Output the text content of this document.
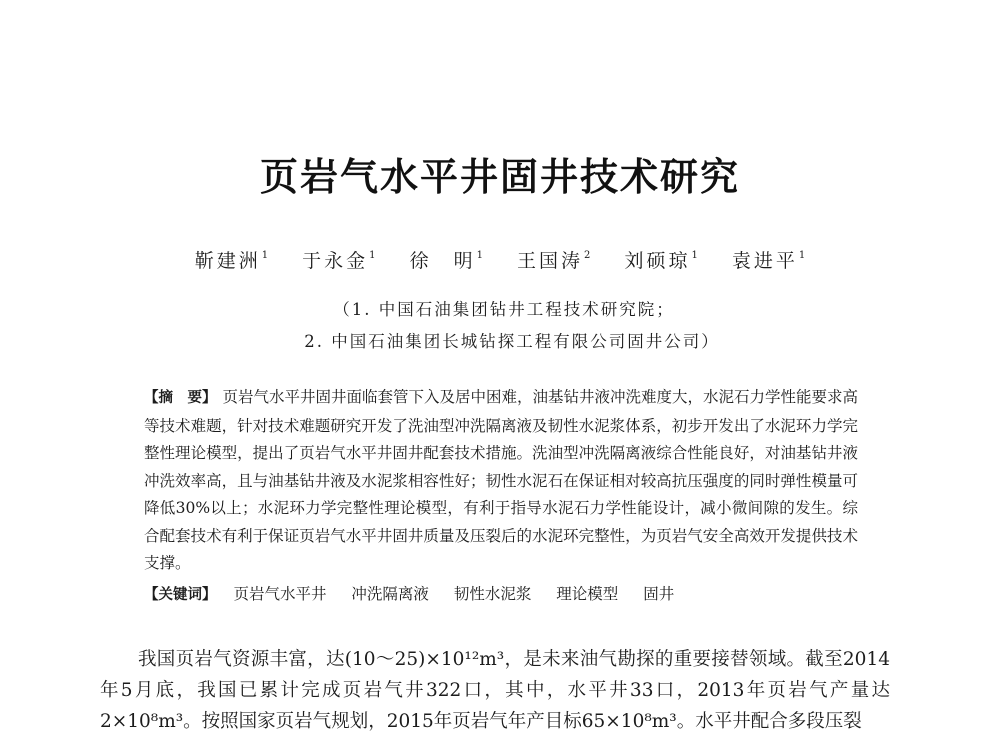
页岩气水平井固井技术研究
靳建洲$^1$ 于永金$^1$ 徐　明$^1$ 王国涛$^2$ 刘硕琼$^1$ 袁进平$^1$
（1. 中国石油集团钻井工程技术研究院；
2. 中国石油集团长城钻探工程有限公司固井公司）
【摘　要】 页岩气水平井固井面临套管下入及居中困难，油基钻井液冲洗难度大，水泥石力学性能要求高等技术难题，针对技术难题研究开发了洗油型冲洗隔离液及韧性水泥浆体系，初步开发出了水泥环力学完整性理论模型，提出了页岩气水平井固井配套技术措施。洗油型冲洗隔离液综合性能良好，对油基钻井液冲洗效率高，且与油基钻井液及水泥浆相容性好；韧性水泥石在保证相对较高抗压强度的同时弹性模量可降低30%以上；水泥环力学完整性理论模型，有利于指导水泥石力学性能设计，减小微间隙的发生。综合配套技术有利于保证页岩气水平井固井质量及压裂后的水泥环完整性，为页岩气安全高效开发提供技术支撑。
【关键词】 页岩气水平井 冲洗隔离液 韧性水泥浆 理论模型 固井
我国页岩气资源丰富，达(10～25)×10¹²m³，是未来油气勘探的重要接替领域。截至2014年5月底，我国已累计完成页岩气井322口，其中，水平井33口，2013年页岩气产量达2×10⁸m³。按照国家页岩气规划，2015年页岩气年产目标65×10⁸m³。水平井配合多段压裂
